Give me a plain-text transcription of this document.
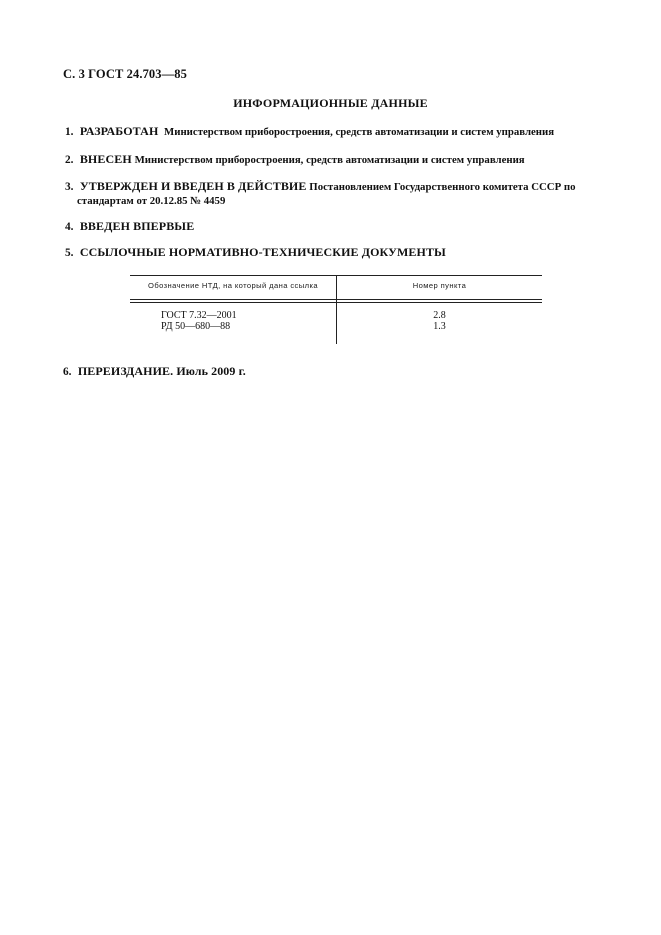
С. 3 ГОСТ 24.703—85
ИНФОРМАЦИОННЫЕ ДАННЫЕ
1. РАЗРАБОТАН Министерством приборостроения, средств автоматизации и систем управления
2. ВНЕСЕН Министерством приборостроения, средств автоматизации и систем управления
3. УТВЕРЖДЕН И ВВЕДЕН В ДЕЙСТВИЕ Постановлением Государственного комитета СССР по
стандартам от 20.12.85 № 4459
4. ВВЕДЕН ВПЕРВЫЕ
5. ССЫЛОЧНЫЕ НОРМАТИВНО-ТЕХНИЧЕСКИЕ ДОКУМЕНТЫ
Обозначение НТД, на который дана ссылка	Номер пункта
ГОСТ 7.32—2001	2.8
РД 50—680—88	1.3
6. ПЕРЕИЗДАНИЕ. Июль 2009 г.
